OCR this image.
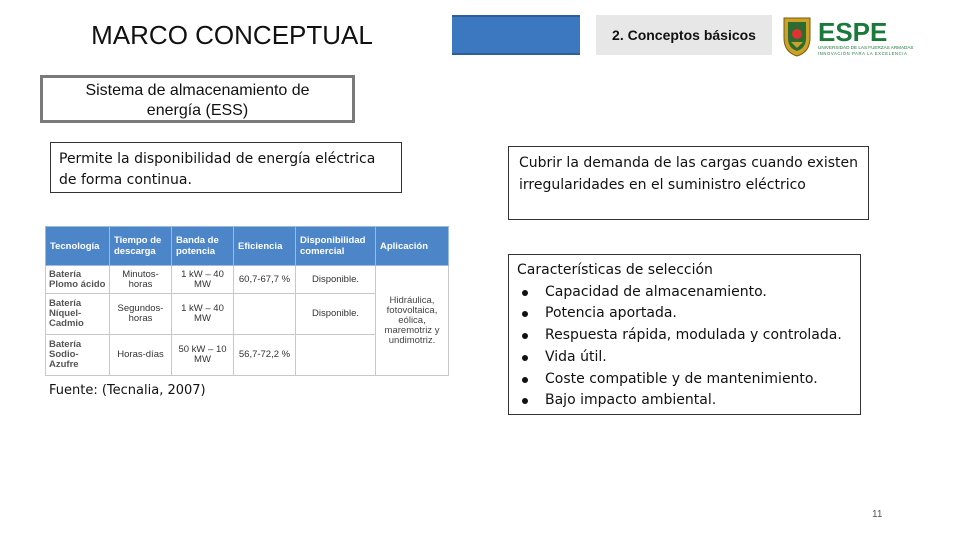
MARCO CONCEPTUAL	2. Conceptos básicos	ESPE
UNIVERSIDAD DE LAS FUERZAS ARMADAS
INNOVACIÓN PARA LA EXCELENCIA
Sistema de almacenamiento de
energía (ESS)
Permite la disponibilidad de energía eléctrica de forma continua.
Cubrir la demanda de las cargas cuando existen irregularidades en el suministro eléctrico
Características de selección
Capacidad de almacenamiento.
Potencia aportada.
Respuesta rápida, modulada y controlada.
Vida útil.
Coste compatible y de mantenimiento.
Bajo impacto ambiental.
Tecnología	Tiempo de descarga	Banda de potencia	Eficiencia	Disponibilidad comercial	Aplicación
Batería Plomo ácido	Minutos-horas	1 kW – 40 MW	60,7-67,7 %	Disponible.	Hidráulica, fotovoltaica, eólica, maremotriz y undimotriz.
Batería Níquel-Cadmio	Segundos-horas	1 kW – 40 MW		Disponible.	
Batería Sodio-Azufre	Horas-días	50 kW – 10 MW	56,7-72,2 %		
Fuente: (Tecnalia, 2007)
11
